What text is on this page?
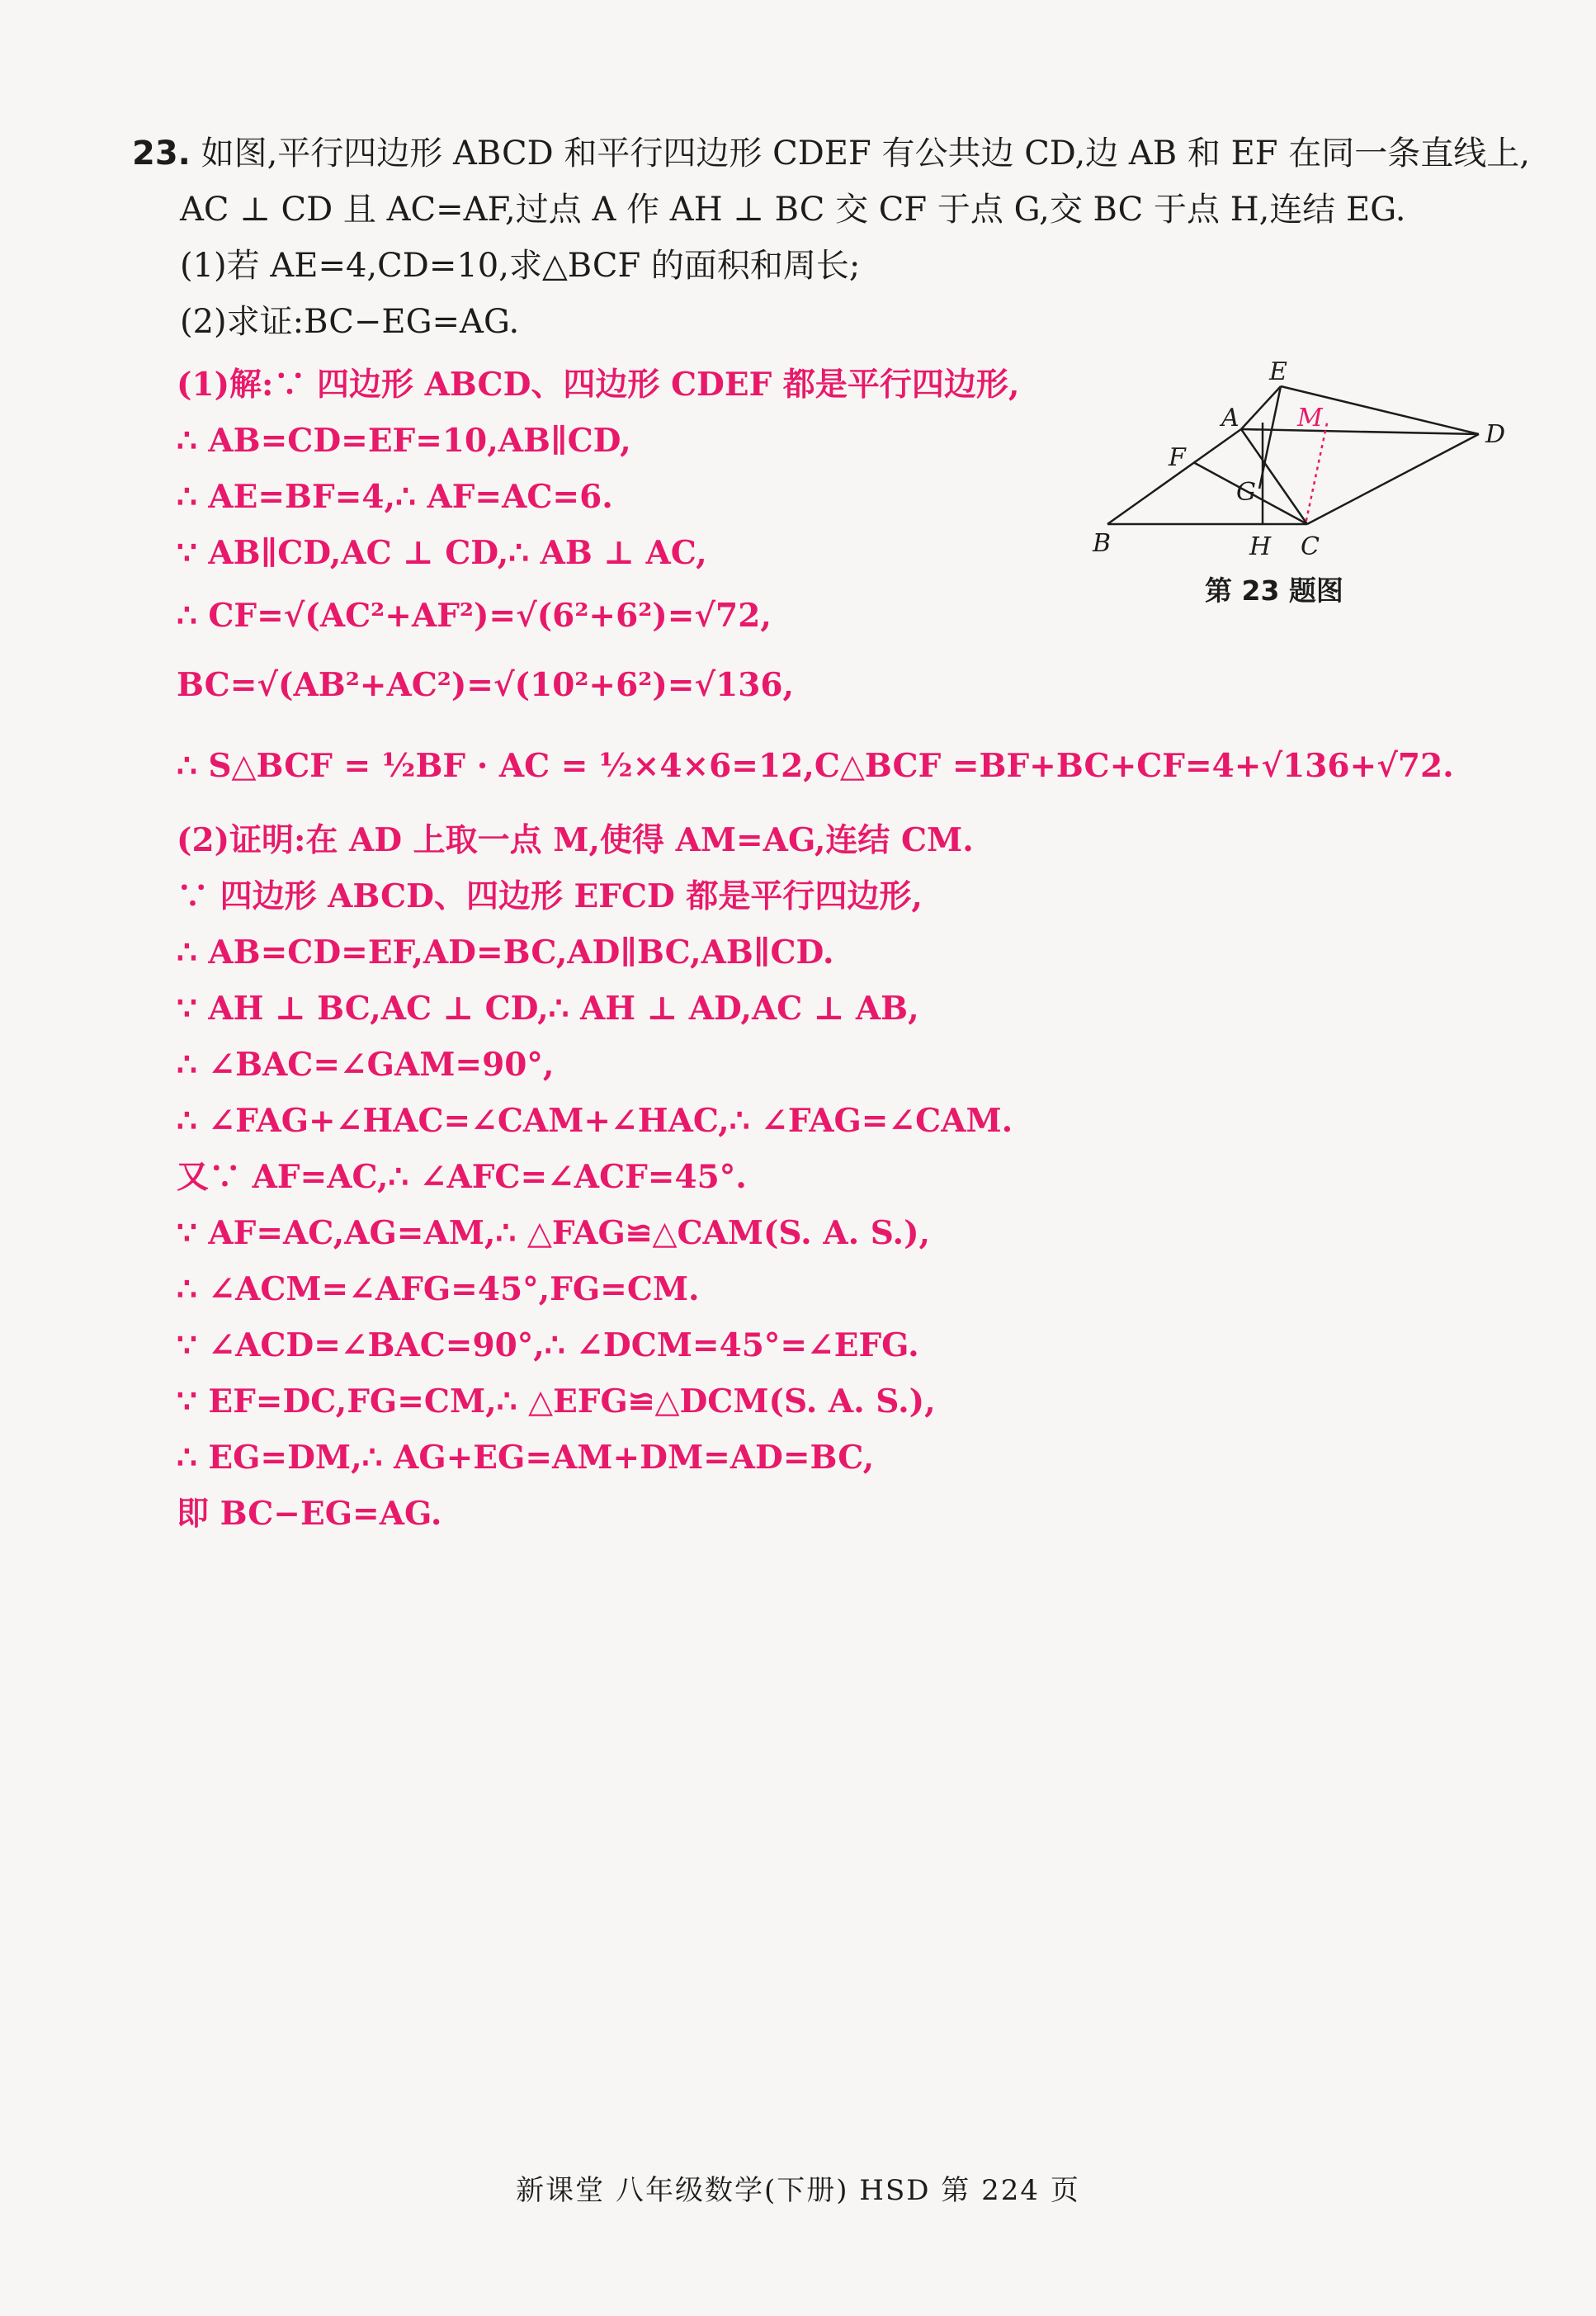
23. 如图,平行四边形 ABCD 和平行四边形 CDEF 有公共边 CD,边 AB 和 EF 在同一条直线上,
AC ⊥ CD 且 AC=AF,过点 A 作 AH ⊥ BC 交 CF 于点 G,交 BC 于点 H,连结 EG.
(1)若 AE=4,CD=10,求△BCF 的面积和周长;
(2)求证:BC−EG=AG.
E
A M
D
F
G
B	H C
第 23 题图
(1)解:∵ 四边形 ABCD、四边形 CDEF 都是平行四边形,
∴ AB=CD=EF=10,AB∥CD,
∴ AE=BF=4,∴ AF=AC=6.
∵ AB∥CD,AC ⊥ CD,∴ AB ⊥ AC,
∴ CF=√(AC²+AF²)=√(6²+6²)=√72,
BC=√(AB²+AC²)=√(10²+6²)=√136,
∴ S△BCF = ½BF · AC = ½×4×6=12,C△BCF =BF+BC+CF=4+√136+√72.
(2)证明:在 AD 上取一点 M,使得 AM=AG,连结 CM.
∵ 四边形 ABCD、四边形 EFCD 都是平行四边形,
∴ AB=CD=EF,AD=BC,AD∥BC,AB∥CD.
∵ AH ⊥ BC,AC ⊥ CD,∴ AH ⊥ AD,AC ⊥ AB,
∴ ∠BAC=∠GAM=90°,
∴ ∠FAG+∠HAC=∠CAM+∠HAC,∴ ∠FAG=∠CAM.
又∵ AF=AC,∴ ∠AFC=∠ACF=45°.
∵ AF=AC,AG=AM,∴ △FAG≌△CAM(S. A. S.),
∴ ∠ACM=∠AFG=45°,FG=CM.
∵ ∠ACD=∠BAC=90°,∴ ∠DCM=45°=∠EFG.
∵ EF=DC,FG=CM,∴ △EFG≌△DCM(S. A. S.),
∴ EG=DM,∴ AG+EG=AM+DM=AD=BC,
即 BC−EG=AG.
新课堂 八年级数学(下册) HSD 第 224 页
